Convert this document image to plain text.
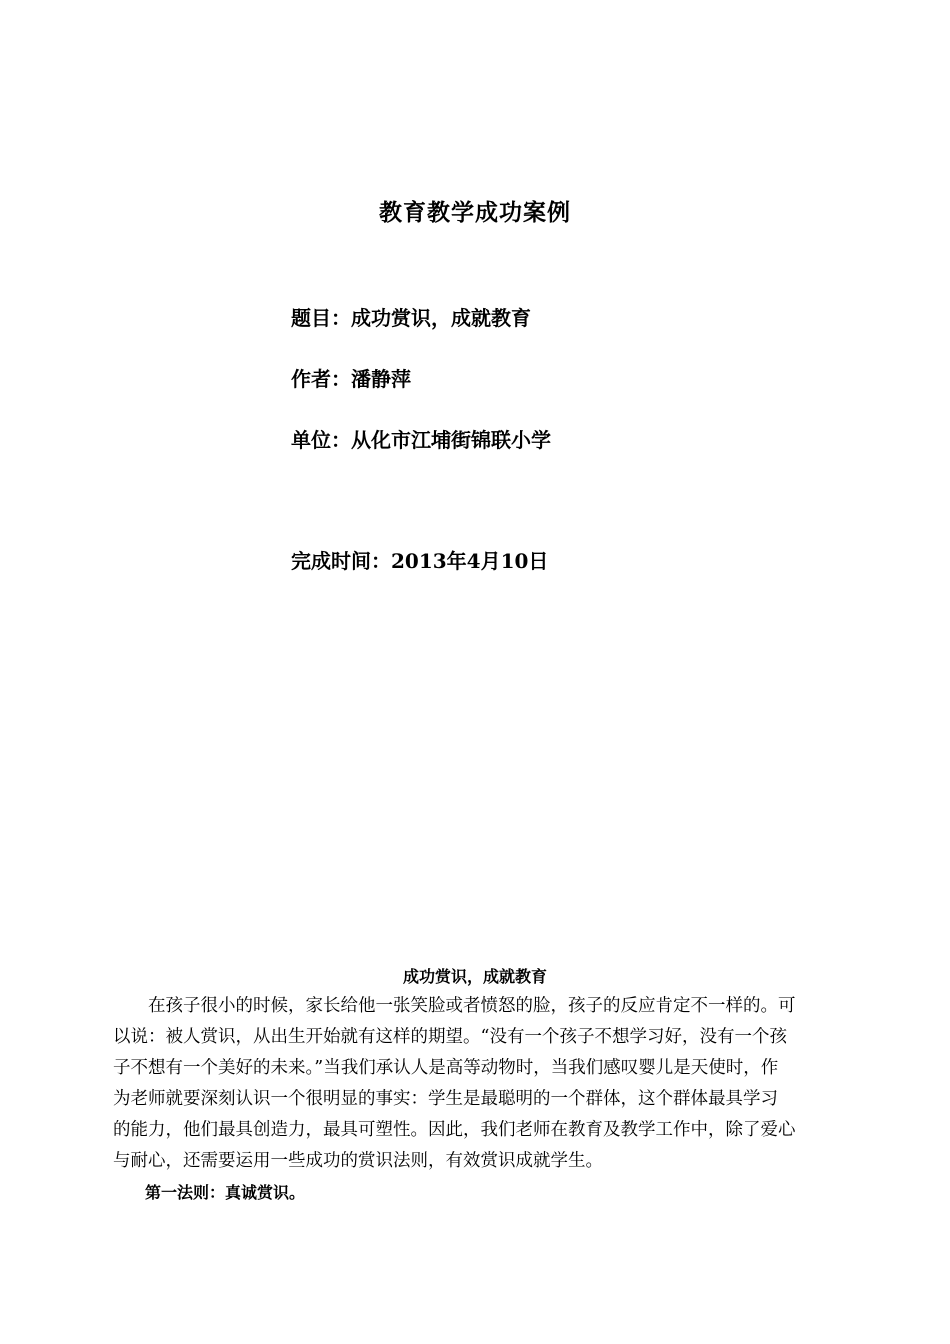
教育教学成功案例
题目：成功赏识，成就教育
作者：潘静萍
单位：从化市江埔街锦联小学
完成时间：2013年4月10日
成功赏识，成就教育

在孩子很小的时候，家长给他一张笑脸或者愤怒的脸，孩子的反应肯定不一样的。可
以说：被人赏识，从出生开始就有这样的期望。“没有一个孩子不想学习好，没有一个孩
子不想有一个美好的未来。”当我们承认人是高等动物时，当我们感叹婴儿是天使时，作
为老师就要深刻认识一个很明显的事实：学生是最聪明的一个群体，这个群体最具学习
的能力，他们最具创造力，最具可塑性。因此，我们老师在教育及教学工作中，除了爱心
与耐心，还需要运用一些成功的赏识法则，有效赏识成就学生。

第一法则：真诚赏识。
